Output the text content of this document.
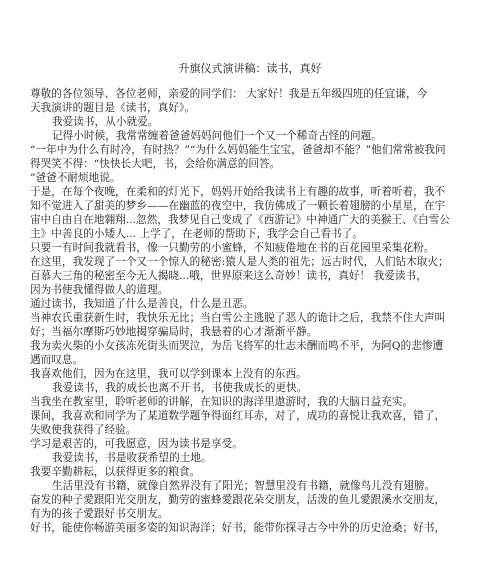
升旗仪式演讲稿：读书，真好
尊敬的各位领导、各位老师，亲爱的同学们： 大家好！我是五年级四班的任宜谦，今
天我演讲的题目是《读书，真好》。
我爱读书，从小就爱。
记得小时候，我常常缠着爸爸妈妈问他们一个又一个稀奇古怪的问题。
“一年中为什么有时冷，有时热？”“为什么妈妈能生宝宝，爸爸却不能？”他们常常被我问
得哭笑不得：“快快长大吧，书，会给你满意的回答。
”爸爸不耐烦地说。
于是，在每个夜晚，在柔和的灯光下，妈妈开始给我读书上有趣的故事，听着听着，我不
知不觉进入了甜美的梦乡——在幽蓝的夜空中，我仿佛成了一颗长着翅膀的小星星，在宇
宙中自由自在地翱翔...忽然，我梦见自己变成了《西游记》中神通广大的美猴王、《白雪公
主》中善良的小矮人... 上学了，在老师的帮助下，我学会自己看书了。
只要一有时间我就看书，像一只勤劳的小蜜蜂，不知疲倦地在书的百花园里采集花粉。
在这里，我发现了一个又一个惊人的秘密:猿人是人类的祖先；远古时代，人们钻木取火；
百慕大三角的秘密至今无人揭晓...哦，世界原来这么奇妙！读书，真好！ 我爱读书，
因为书使我懂得做人的道理。
通过读书，我知道了什么是善良，什么是丑恶。
当神农氏重获新生时，我快乐无比；当白雪公主逃脱了恶人的诡计之后，我禁不住大声叫
好；当福尔摩斯巧妙地揭穿骗局时，我悬着的心才渐渐平静。
我为卖火柴的小女孩冻死街头而哭泣，为岳飞将军的壮志未酬而鸣不平，为阿Q的悲惨遭
遇而叹息。
我喜欢他们，因为在这里，我可以学到课本上没有的东西。
我爱读书，我的成长也离不开书，书使我成长的更快。
当我坐在教室里，聆听老师的讲解，在知识的海洋里遨游时，我的大脑日益充实。
课间，我喜欢和同学为了某道数学题争得面红耳赤，对了，成功的喜悦让我欢喜，错了，
失败使我获得了经验。
学习是艰苦的，可我愿意，因为读书是享受。
我爱读书，书是收获希望的土地。
我要辛勤耕耘，以获得更多的粮食。
生活里没有书籍，就像自然界没有了阳光；智慧里没有书籍，就像鸟儿没有翅膀。
奋发的种子愛跟阳光交朋友，勤劳的蜜蜂愛跟花朵交朋友，活泼的鱼儿愛跟溪水交朋友，
有为的孩子愛跟好书交朋友。
好书，能使你畅游美丽多姿的知识海洋；好书，能带你探寻古今中外的历史沧桑；好书，
